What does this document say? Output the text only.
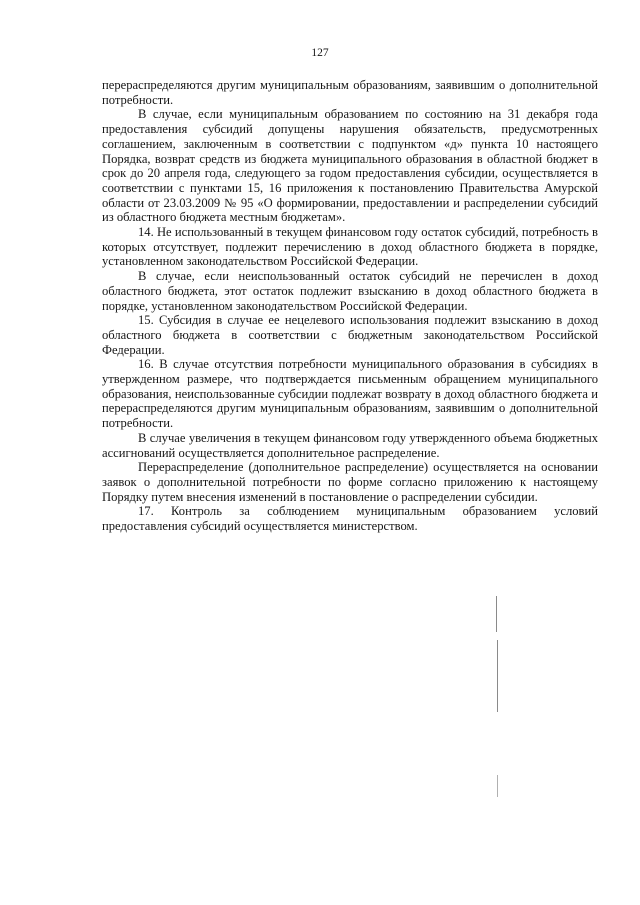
127

перераспределяются другим муниципальным образованиям, заявившим о дополнительной потребности.

В случае, если муниципальным образованием по состоянию на 31 декабря года предоставления субсидий допущены нарушения обязательств, предусмотренных соглашением, заключенным в соответствии с подпунктом «д» пункта 10 настоящего Порядка, возврат средств из бюджета муниципального образования в областной бюджет в срок до 20 апреля года, следующего за годом предоставления субсидии, осуществляется в соответствии с пунктами 15, 16 приложения к постановлению Правительства Амурской области от 23.03.2009 № 95 «О формировании, предоставлении и распределении субсидий из областного бюджета местным бюджетам».

14. Не использованный в текущем финансовом году остаток субсидий, потребность в которых отсутствует, подлежит перечислению в доход областного бюджета в порядке, установленном законодательством Российской Федерации.

В случае, если неиспользованный остаток субсидий не перечислен в доход областного бюджета, этот остаток подлежит взысканию в доход областного бюджета в порядке, установленном законодательством Российской Федерации.

15. Субсидия в случае ее нецелевого использования подлежит взысканию в доход областного бюджета в соответствии с бюджетным законодательством Российской Федерации.

16. В случае отсутствия потребности муниципального образования в субсидиях в утвержденном размере, что подтверждается письменным обращением муниципального образования, неиспользованные субсидии подлежат возврату в доход областного бюджета и перераспределяются другим муниципальным образованиям, заявившим о дополнительной потребности.

В случае увеличения в текущем финансовом году утвержденного объема бюджетных ассигнований осуществляется дополнительное распределение.

Перераспределение (дополнительное распределение) осуществляется на основании заявок о дополнительной потребности по форме согласно приложению к настоящему Порядку путем внесения изменений в постановление о распределении субсидии.

17. Контроль за соблюдением муниципальным образованием условий предоставления субсидий осуществляется министерством.
